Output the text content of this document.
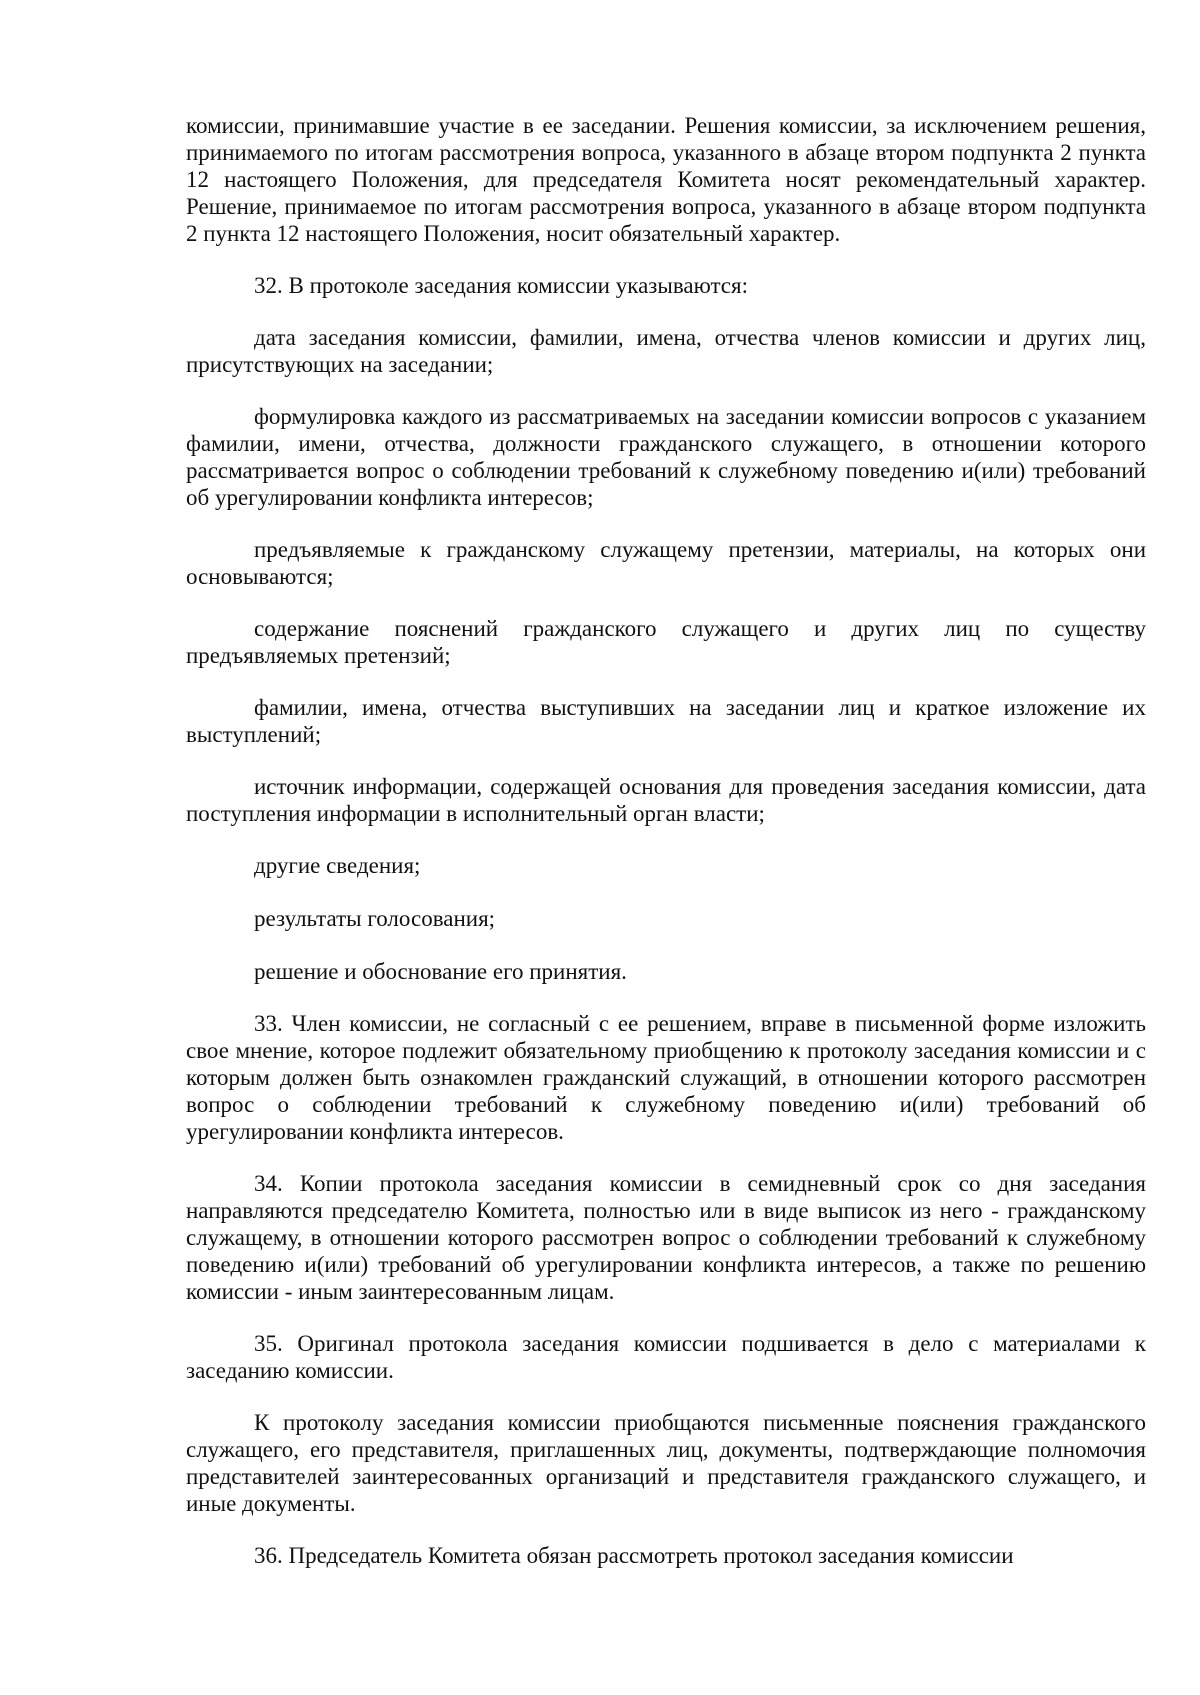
комиссии, принимавшие участие в ее заседании. Решения комиссии, за исключением решения, принимаемого по итогам рассмотрения вопроса, указанного в абзаце втором подпункта 2 пункта 12 настоящего Положения, для председателя Комитета носят рекомендательный характер. Решение, принимаемое по итогам рассмотрения вопроса, указанного в абзаце втором подпункта 2 пункта 12 настоящего Положения, носит обязательный характер.

32. В протоколе заседания комиссии указываются:

дата заседания комиссии, фамилии, имена, отчества членов комиссии и других лиц, присутствующих на заседании;

формулировка каждого из рассматриваемых на заседании комиссии вопросов с указанием фамилии, имени, отчества, должности гражданского служащего, в отношении которого рассматривается вопрос о соблюдении требований к служебному поведению и(или) требований об урегулировании конфликта интересов;

предъявляемые к гражданскому служащему претензии, материалы, на которых они основываются;

содержание пояснений гражданского служащего и других лиц по существу предъявляемых претензий;

фамилии, имена, отчества выступивших на заседании лиц и краткое изложение их выступлений;

источник информации, содержащей основания для проведения заседания комиссии, дата поступления информации в исполнительный орган власти;

другие сведения;

результаты голосования;

решение и обоснование его принятия.

33. Член комиссии, не согласный с ее решением, вправе в письменной форме изложить свое мнение, которое подлежит обязательному приобщению к протоколу заседания комиссии и с которым должен быть ознакомлен гражданский служащий, в отношении которого рассмотрен вопрос о соблюдении требований к служебному поведению и(или) требований об урегулировании конфликта интересов.

34. Копии протокола заседания комиссии в семидневный срок со дня заседания направляются председателю Комитета, полностью или в виде выписок из него - гражданскому служащему, в отношении которого рассмотрен вопрос о соблюдении требований к служебному поведению и(или) требований об урегулировании конфликта интересов, а также по решению комиссии - иным заинтересованным лицам.

35. Оригинал протокола заседания комиссии подшивается в дело с материалами к заседанию комиссии.

К протоколу заседания комиссии приобщаются письменные пояснения гражданского служащего, его представителя, приглашенных лиц, документы, подтверждающие полномочия представителей заинтересованных организаций и представителя гражданского служащего, и иные документы.

36. Председатель Комитета обязан рассмотреть протокол заседания комиссии
